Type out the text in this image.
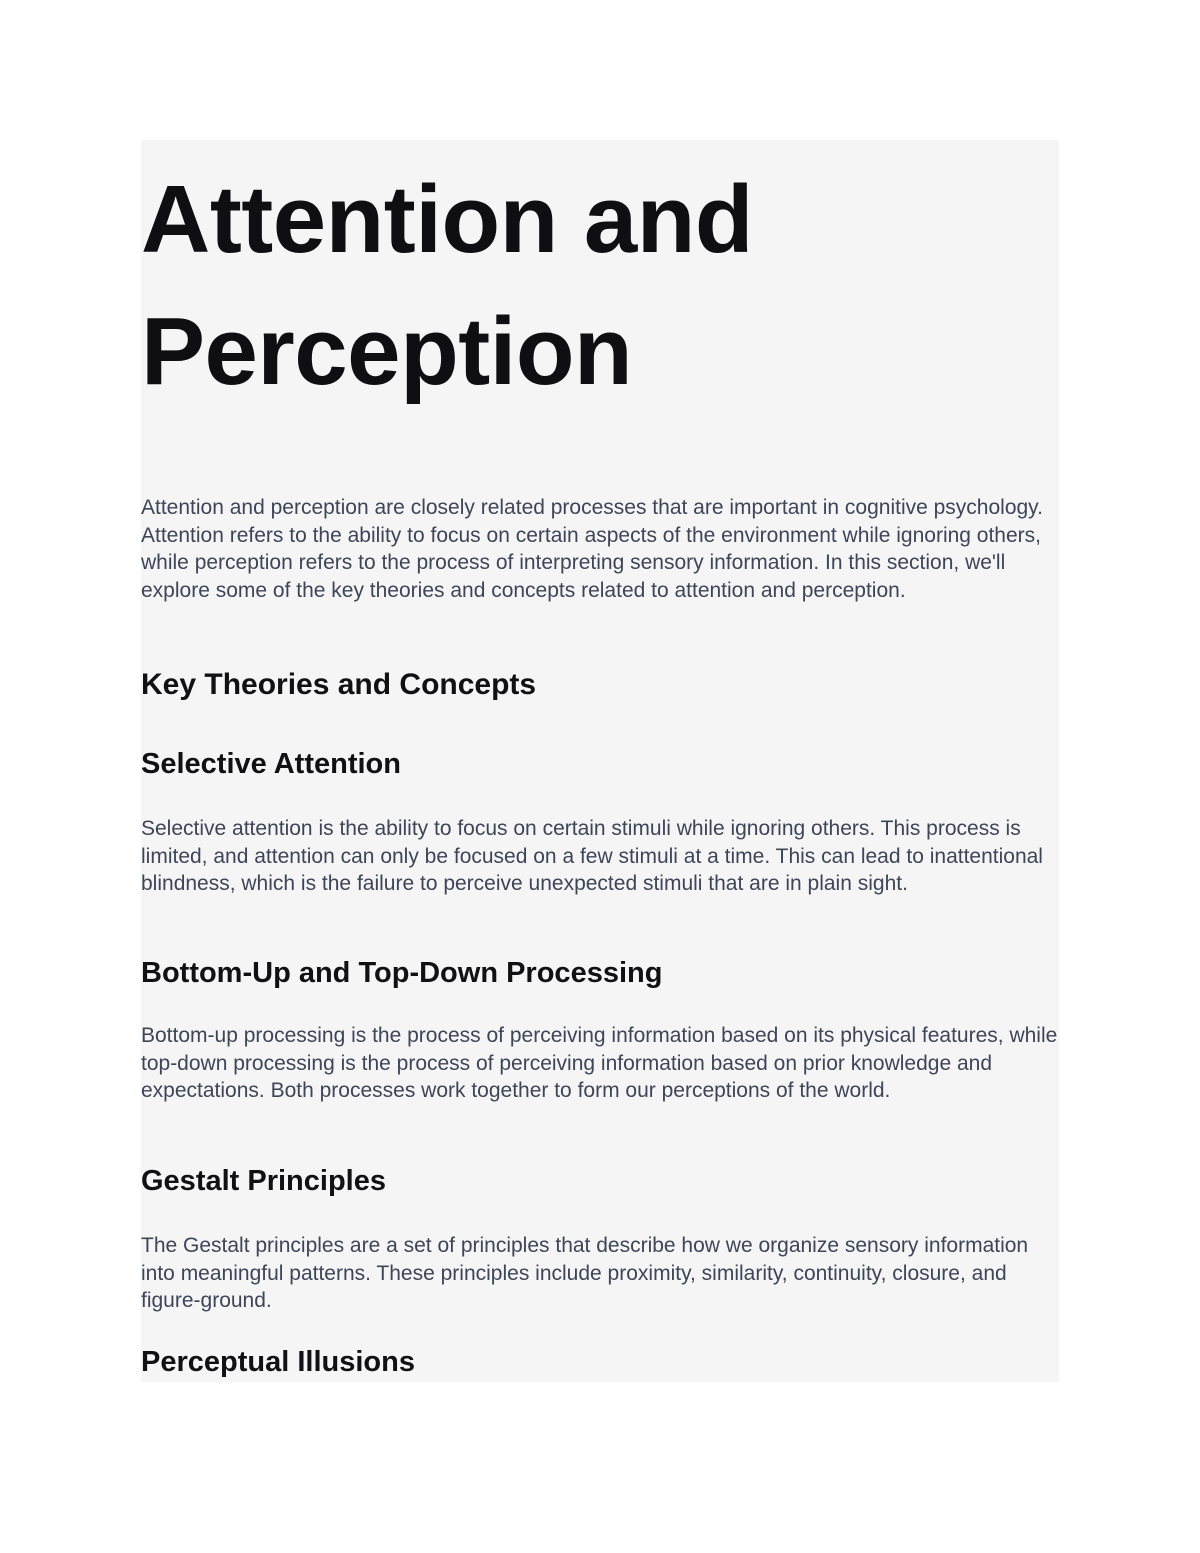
Attention and Perception

Attention and perception are closely related processes that are important in cognitive psychology. Attention refers to the ability to focus on certain aspects of the environment while ignoring others, while perception refers to the process of interpreting sensory information. In this section, we'll explore some of the key theories and concepts related to attention and perception.

Key Theories and Concepts
Selective Attention

Selective attention is the ability to focus on certain stimuli while ignoring others. This process is limited, and attention can only be focused on a few stimuli at a time. This can lead to inattentional blindness, which is the failure to perceive unexpected stimuli that are in plain sight.

Bottom-Up and Top-Down Processing

Bottom-up processing is the process of perceiving information based on its physical features, while top-down processing is the process of perceiving information based on prior knowledge and expectations. Both processes work together to form our perceptions of the world.

Gestalt Principles

The Gestalt principles are a set of principles that describe how we organize sensory information into meaningful patterns. These principles include proximity, similarity, continuity, closure, and figure-ground.

Perceptual Illusions
